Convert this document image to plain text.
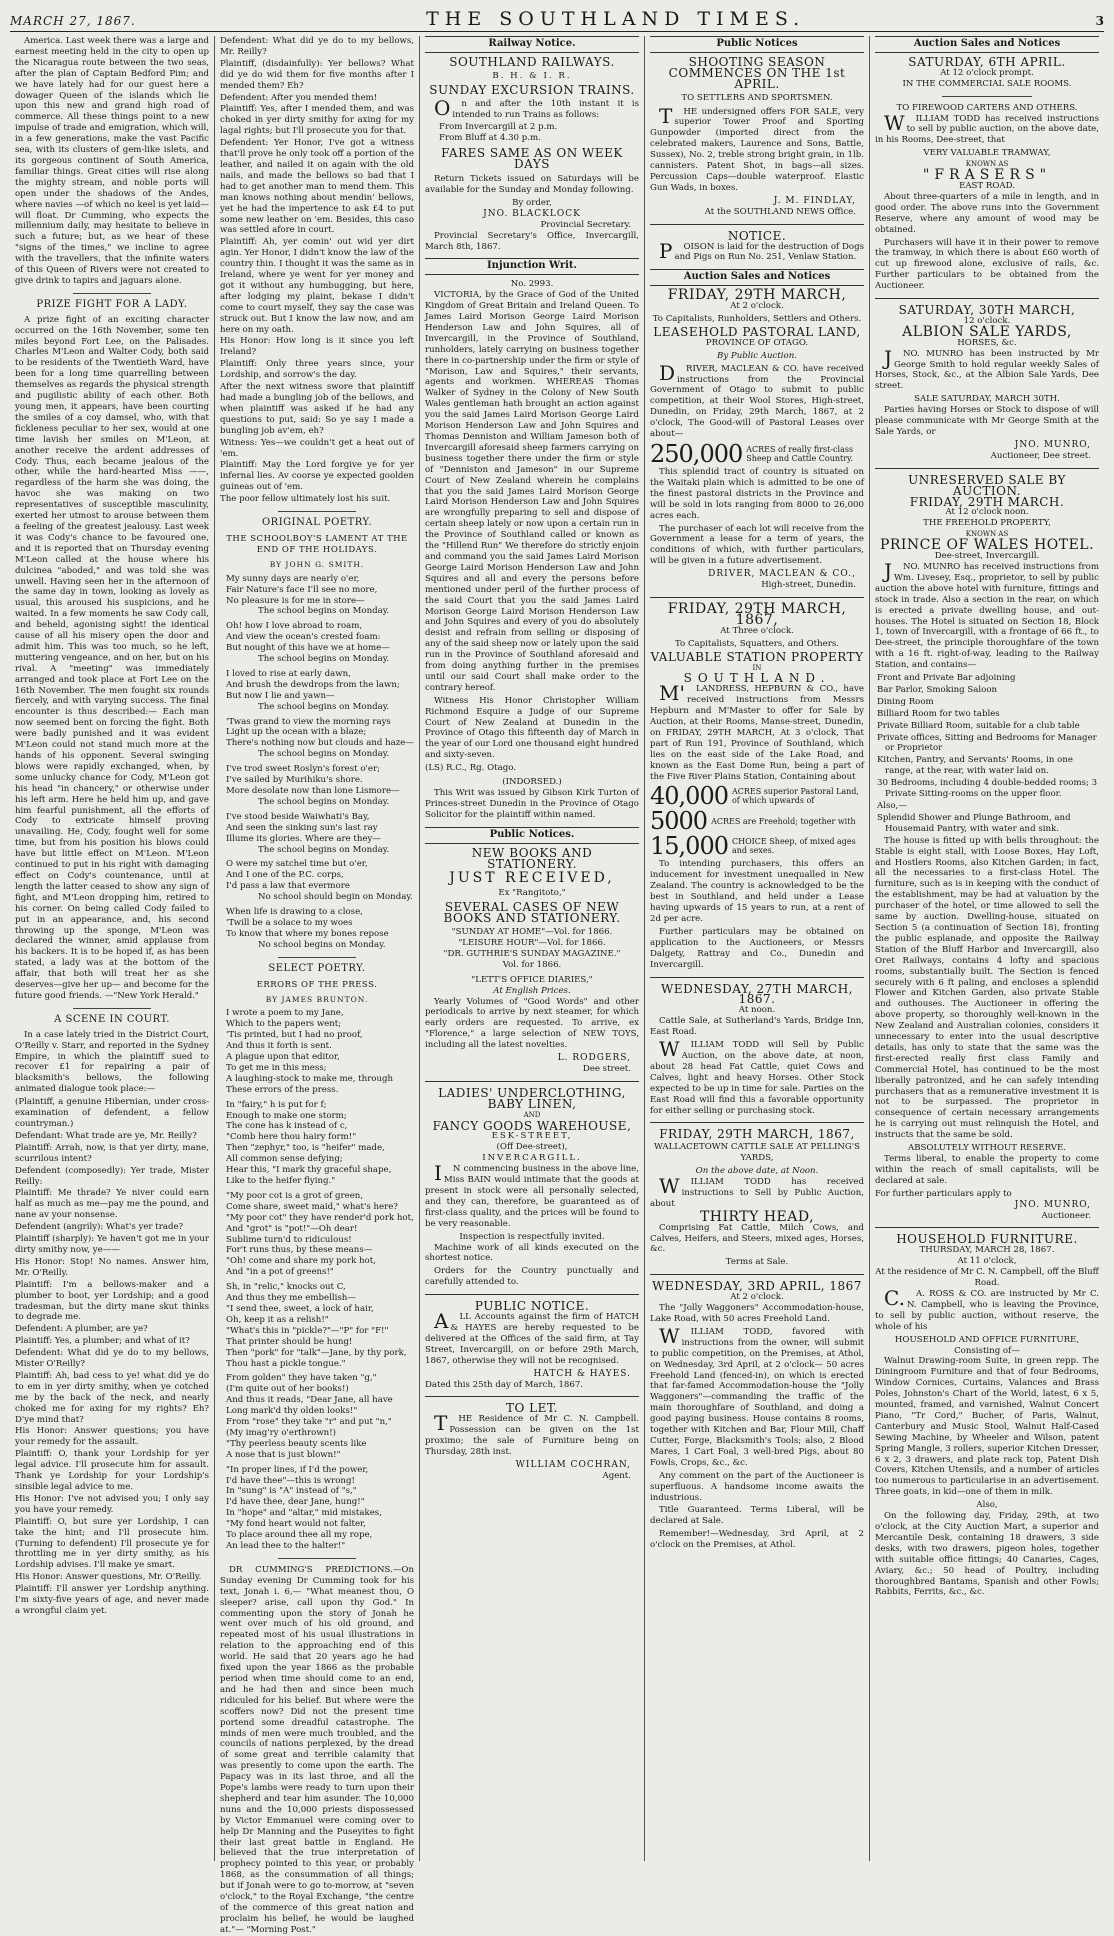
MARCH 27, 1867.	THE SOUTHLAND TIMES.	3

America. Last week there was a large and earnest meeting held in the city to open up the Nicaragua route between the two seas, after the plan of Captain Bedford Pim; and we have lately had for our guest here a dowager Queen of the islands which lie upon this new and grand high road of commerce. All these things point to a new impulse of trade and emigration, which will, in a few generations, make the vast Pacific sea, with its clusters of gem-like islets, and its gorgeous continent of South America, familiar things. Great cities will rise along the mighty stream, and noble ports will open under the shadows of the Andes, where navies —of which no keel is yet laid—will float. Dr Cumming, who expects the millennium daily, may hesitate to believe in such a future; but, as we hear of these "signs of the times," we incline to agree with the travellers, that the infinite waters of this Queen of Rivers were not created to give drink to tapirs and jaguars alone.

PRIZE FIGHT FOR A LADY.

A prize fight of an exciting character occurred on the 16th November, some ten miles beyond Fort Lee, on the Palisades. Charles M'Leon and Walter Cody, both said to be residents of the Twentieth Ward, have been for a long time quarrelling between themselves as regards the physical strength and pugilistic ability of each other. Both young men, it appears, have been courting the smiles of a coy damsel, who, with that fickleness peculiar to her sex, would at one time lavish her smiles on M'Leon, at another receive the ardent addresses of Cody. Thus, each became jealous of the other, while the hard-hearted Miss ——, regardless of the harm she was doing, the havoc she was making on two representatives of susceptible masculinity, exerted her utmost to arouse between them a feeling of the greatest jealousy. Last week it was Cody's chance to be favoured one, and it is reported that on Thursday evening M'Leon called at the house where his dulcinea "aboded," and was told she was unwell. Having seen her in the afternoon of the same day in town, looking as lovely as usual, this aroused his suspicions, and he waited. In a few moments he saw Cody call, and beheld, agonising sight! the identical cause of all his misery open the door and admit him. This was too much, so he left, muttering vengeance, and on her, but on his rival. A "meeting" was immediately arranged and took place at Fort Lee on the 16th November. The men fought six rounds fiercely, and with varying success. The final encounter is thus described:— Each man now seemed bent on forcing the fight. Both were badly punished and it was evident M'Leon could not stand much more at the hands of his opponent. Several swinging blows were rapidly exchanged, when, by some unlucky chance for Cody, M'Leon got his head "in chancery," or otherwise under his left arm. Here he held him up, and gave him fearful punishment, all the efforts of Cody to extricate himself proving unavailing. He, Cody, fought well for some time, but from his position his blows could have but little effect on M'Leon. M'Leon continued to put in his right with damaging effect on Cody's countenance, until at length the latter ceased to show any sign of fight, and M'Leon dropping him, retired to his corner. On being called Cody failed to put in an appearance, and, his second throwing up the sponge, M'Leon was declared the winner, amid applause from his backers. It is to be hoped if, as has been stated, a lady was at the bottom of the affair, that both will treat her as she deserves—give her up— and become for the future good friends. —"New York Herald."

A SCENE IN COURT.

In a case lately tried in the District Court, O'Reilly v. Starr, and reported in the Sydney Empire, in which the plaintiff sued to recover £1 for repairing a pair of blacksmith's bellows, the following animated dialogue took place:—

(Plaintiff, a genuine Hibernian, under cross-examination of defendent, a fellow countryman.)

Defendant: What trade are ye, Mr. Reilly?

Plaintiff: Arrah, now, is that yer dirty, mane, scurrilous intent?

Defendent (composedly): Yer trade, Mister Reilly:

Plaintiff: Me thrade? Ye niver could earn half as much as me—pay me the pound, and nane av your nonsense.

Defendent (angrily): What's yer trade?

Plaintiff (sharply): Ye haven't got me in your dirty smithy now, ye——

His Honor: Stop! No names. Answer him, Mr. O'Reilly.

Plaintiff: I'm a bellows-maker and a plumber to boot, yer Lordship; and a good tradesman, but the dirty mane skut thinks to degrade me.

Defendent: A plumber, are ye?

Plaintiff: Yes, a plumber; and what of it?

Defendent: What did ye do to my bellows, Mister O'Reilly?

Plaintiff: Ah, bad cess to ye! what did ye do to em in yer dirty smithy, when ye cotched me by the back of the neck, and nearly choked me for axing for my rights? Eh? D'ye mind that?

His Honor: Answer questions; you have your remedy for the assault.

Plaintiff: O, thank your Lordship for yer legal advice. I'll prosecute him for assault. Thank ye Lordship for your Lordship's sinsible legal advice to me.

His Honor: I've not advised you; I only say you have your remedy.

Plaintiff: O, but sure yer Lordship, I can take the hint; and I'll prosecute him. (Turning to defendent) I'll prosecute ye for throttling me in yer dirty smithy, as his Lordship advises. I'll make ye smart.

His Honor: Answer questions, Mr. O'Reilly.

Plaintiff: I'll answer yer Lordship anything. I'm sixty-five years of age, and never made a wrongful claim yet.

Defendent: What did ye do to my bellows, Mr. Reilly?

Plaintiff, (disdainfully): Yer bellows? What did ye do wid them for five months after I mended them? Eh?

Defendent: After you mended them!

Plaintiff: Yes, after I mended them, and was choked in yer dirty smithy for axing for my lagal rights; but I'll prosecute you for that.

Defendent: Yer Honor, I've got a witness that'll prove he only took off a portion of the leather, and nailed it on again with the old nails, and made the bellows so bad that I had to get another man to mend them. This man knows nothing about mendin' bellows, yet he had the impertence to ask £4 to put some new leather on 'em. Besides, this caso was settled afore in court.

Plaintiff: Ah, yer comin' out wid yer dirt agin. Yer Honor, I didn't know the law of the country thin. I thought it was the same as in Ireland, where ye went for yer money and got it without any humbugging, but here, after lodging my plaint, bekase I didn't come to court myself, they say the case was struck out. But I know the law now, and am here on my oath.

His Honor: How long is it since you left Ireland?

Plaintiff: Only three years since, your Lordship, and sorrow's the day.

After the next witness swore that plaintiff had made a bungling job of the bellows, and when plaintiff was asked if he had any questions to put, said: So ye say I made a bungling job av'em, eh?

Witness: Yes—we couldn't get a heat out of 'em.

Plaintiff: May the Lord forgive ye for yer infernal lies. Av coorse ye expected goolden guineas out of 'em.

The poor fellow ultimately lost his suit.

ORIGINAL POETRY.
THE SCHOOLBOY'S LAMENT AT THE END OF THE HOLIDAYS.
BY JOHN G. SMITH.
My sunny days are nearly o'er,
Fair Nature's face I'll see no more,
No pleasure is for me in store—
The school begins on Monday.
Oh! how I love abroad to roam,
And view the ocean's crested foam:
But nought of this have we at home—
The school begins on Monday.
I loved to rise at early dawn,
And brush the dewdrops from the lawn;
But now I lie and yawn—
The school begins on Monday.
'Twas grand to view the morning rays
Light up the ocean with a blaze;
There's nothing now but clouds and haze—
The school begins on Monday.
I've trod sweet Roslyn's forest o'er;
I've sailed by Murihiku's shore.
More desolate now than lone Lismore—
The school begins on Monday.
I've stood beside Waiwhati's Bay,
And seen the sinking sun's last ray
Illume its glories. Where are they—
The school begins on Monday.
O were my satchel time but o'er,
And I one of the P.C. corps,
I'd pass a law that evermore
No school should begin on Monday.
When life is drawing to a close,
'Twill be a solace to my woes
To know that where my bones repose
No school begins on Monday.
SELECT POETRY.
ERRORS OF THE PRESS.
BY JAMES BRUNTON.
I wrote a poem to my Jane,
Which to the papers went;
'Tis printed, but I had no proof,
And thus it forth is sent.
A plague upon that editor,
To get me in this mess;
A laughing-stock to make me, through
These errors of the press.
In "fairy," h is put for f;
Enough to make one storm;
The cone has k instead of c,
"Comb here thou hairy form!"
Then "zephyr," too, is "heifer" made,
All common sense defying;
Hear this, "I mark thy graceful shape,
Like to the heifer flying."
"My poor cot is a grot of green,
Come share, sweet maid," what's here?
"My poor cot" they have render'd pork hot,
And "grot" is "pot!"—Oh dear!
Sublime turn'd to ridiculous!
For't runs thus, by these means—
"Oh! come and share my pork hot,
And "in a pot of greens!"
Sh, in "relic," knocks out C,
And thus they me embellish—
"I send thee, sweet, a lock of hair,
Oh, keep it as a relish!"
"What's this in "pickle?"—"P" for "F!"
That printer should be hung!
Then "pork" for "talk"—Jane, by thy pork,
Thou hast a pickle tongue."
From golden" they have taken "g,"
(I'm quite out of her books!)
And thus it reads, "Dear Jane, all have
Long mark'd thy olden looks!"
From "rose" they take "r" and put "n,"
(My imag'ry o'erthrown!)
"Thy peerless beauty scents like
A nose that is just blown!"
"In proper lines, if I'd the power,
I'd have thee"—this is wrong!
In "sung" is "A" instead of "s,"
I'd have thee, dear Jane, hung!"
In "hope" and "altar," mid mistakes,
"My fond heart would not falter,
To place around thee all my rope,
An lead thee to the halter!"

DR CUMMING'S PREDICTIONS.—On Sunday evening Dr Cumming took for his text, Jonah i. 6,— "What meanest thou, O sleeper? arise, call upon thy God." In commenting upon the story of Jonah he went over much of his old ground, and repeated most of his usual illustrations in relation to the approaching end of this world. He said that 20 years ago he had fixed upon the year 1866 as the probable period when time should come to an end, and he had then and since been much ridiculed for his belief. But where were the scoffers now? Did not the present time portend some dreadful catastrophe. The minds of men were much troubled, and the councils of nations perplexed, by the dread of some great and terrible calamity that was presently to come upon the earth. The Papacy was in its last throe, and all the Pope's lambs were ready to turn upon their shepherd and tear him asunder. The 10,000 nuns and the 10,000 priests dispossessed by Victor Emmanuel were coming over to help Dr Manning and the Puseyites to fight their last great battle in England. He believed that the true interpretation of prophecy pointed to this year, or probably 1868, as the consummation of all things; but if Jonah were to go to-morrow, at "seven o'clock," to the Royal Exchange, "the centre of the commerce of this great nation and proclaim his belief, he would be laughed at."— "Morning Post."

Railway Notice.
SOUTHLAND RAILWAYS.
B. H. & I. R.
SUNDAY EXCURSION TRAINS.

On and after the 10th instant it is intended to run Trains as follows:

From Invercargill at 2 p.m.
From Bluff at 4.30 p.m.
FARES SAME AS ON WEEK DAYS

Return Tickets issued on Saturdays will be available for the Sunday and Monday following.

By order,
JNO. BLACKLOCK
Provincial Secretary.

Provincial Secretary's Office, Invercargill, March 8th, 1867.

Injunction Writ.
No. 2993.

VICTORIA, by the Grace of God of the United Kingdom of Great Britain and Ireland Queen. To James Laird Morison George Laird Morison Henderson Law and John Squires, all of Invercargill, in the Province of Southland, runholders, lately carrying on business together there in co-partnership under the firm or style of "Morison, Law and Squires," their servants, agents and workmen. WHEREAS Thomas Walker of Sydney in the Colony of New South Wales gentleman hath brought an action against you the said James Laird Morison George Laird Morison Henderson Law and John Squires and Thomas Denniston and William Jameson both of Invercargill aforesaid sheep farmers carrying on business together there under the firm or style of "Denniston and Jameson" in our Supreme Court of New Zealand wherein he complains that you the said James Laird Morison George Laird Morison Henderson Law and John Squires are wrongfully preparing to sell and dispose of certain sheep lately or now upon a certain run in the Province of Southland called or known as the "Hillend Run" We therefore do strictly enjoin and command you the said James Laird Morison George Laird Morison Henderson Law and John Squires and all and every the persons before mentioned under peril of the further process of the said Court that you the said James Laird Morison George Laird Morison Henderson Law and John Squires and every of you do absolutely desist and refrain from selling or disposing of any of the said sheep now or lately upon the said run in the Province of Southland aforesaid and from doing anything further in the premises until our said Court shall make order to the contrary hereof.

Witness His Honor Christopher William Richmond Esquire a Judge of our Supreme Court of New Zealand at Dunedin in the Province of Otago this fifteenth day of March in the year of our Lord one thousand eight hundred and sixty-seven.

(LS) R.C., Rg. Otago.
(INDORSED.)

This Writ was issued by Gibson Kirk Turton of Princes-street Dunedin in the Province of Otago Solicitor for the plaintiff within named.

Public Notices.
NEW BOOKS AND STATIONERY.
JUST RECEIVED,
Ex "Rangitoto,"
SEVERAL CASES OF NEW BOOKS AND STATIONERY.
"SUNDAY AT HOME"—Vol. for 1866.
"LEISURE HOUR"—Vol. for 1866.
"DR. GUTHRIE'S SUNDAY MAGAZINE."
Vol. for 1866.
"LETT'S OFFICE DIARIES,"
At English Prices.

Yearly Volumes of "Good Words" and other periodicals to arrive by next steamer, for which early orders are requested. To arrive, ex "Florence," a large selection of NEW TOYS, including all the latest novelties.

L. RODGERS,
Dee street.
LADIES' UNDERCLOTHING, BABY LINEN,
AND
FANCY GOODS WAREHOUSE,
ESK-STREET,
(Off Dee-street),
INVERCARGILL.

IN commencing business in the above line, Miss BAIN would intimate that the goods at present in stock were all personally selected, and they can, therefore, be guaranteed as of first-class quality, and the prices will be found to be very reasonable.

Inspection is respectfully invited.

Machine work of all kinds executed on the shortest notice.

Orders for the Country punctually and carefully attended to.

PUBLIC NOTICE.

ALL Accounts against the firm of HATCH & HAYES are hereby requested to be delivered at the Offices of the said firm, at Tay Street, Invercargill, on or before 29th March, 1867, otherwise they will not be recognised.

HATCH & HAYES.
Dated this 25th day of March, 1867.
TO LET.

THE Residence of Mr C. N. Campbell. Possession can be given on the 1st proximo; the sale of Furniture being on Thursday, 28th inst.

WILLIAM COCHRAN,
Agent.
Public Notices
SHOOTING SEASON COMMENCES ON THE 1st APRIL.
TO SETTLERS AND SPORTSMEN.

THE undersigned offers FOR SALE, very superior Tower Proof and Sporting Gunpowder (imported direct from the celebrated makers, Laurence and Sons, Battle, Sussex), No. 2, treble strong bright grain, in 1lb. cannisters. Patent Shot, in bags—all sizes. Percussion Caps—double waterproof. Elastic Gun Wads, in boxes.

J. M. FINDLAY,
At the SOUTHLAND NEWS Office.
NOTICE.

POISON is laid for the destruction of Dogs and Pigs on Run No. 251, Venlaw Station.

Auction Sales and Notices
FRIDAY, 29TH MARCH,
At 2 o'clock.
To Capitalists, Runholders, Settlers and Others.
LEASEHOLD PASTORAL LAND,
PROVINCE OF OTAGO.
By Public Auction.

DRIVER, MACLEAN & CO. have received instructions from the Provincial Government of Otago to submit to public competition, at their Wool Stores, High-street, Dunedin, on Friday, 29th March, 1867, at 2 o'clock, The Good-will of Pastoral Leases over about—

250,000 ACRES of really first-class Sheep and Cattle Country.

This splendid tract of country is situated on the Waitaki plain which is admitted to be one of the finest pastoral districts in the Province and will be sold in lots ranging from 8000 to 26,000 acres each.

The purchaser of each lot will receive from the Government a lease for a term of years, the conditions of which, with further particulars, will be given in a future advertisement.

DRIVER, MACLEAN & CO.,
High-street, Dunedin.
FRIDAY, 29TH MARCH, 1867,
At Three o'clock.
To Capitalists, Squatters, and Others.
VALUABLE STATION PROPERTY
IN
SOUTHLAND.

M'LANDRESS, HEPBURN & CO., have received instructions from Messrs Hepburn and M'Master to offer for Sale by Auction, at their Rooms, Manse-street, Dunedin, on FRIDAY, 29TH MARCH, At 3 o'clock, That part of Run 191, Province of Southland, which lies on the east side of the Lake Road, and known as the East Dome Run, being a part of the Five River Plains Station, Containing about

40,000 ACRES superior Pastoral Land, of which upwards of
5000 ACRES are Freehold; together with
15,000 CHOICE Sheep, of mixed ages and sexes.

To intending purchasers, this offers an inducement for investment unequalled in New Zealand. The country is acknowledged to be the best in Southland, and held under a Lease having upwards of 15 years to run, at a rent of 2d per acre.

Further particulars may be obtained on application to the Auctioneers, or Messrs Dalgety, Rattray and Co., Dunedin and Invercargill.

WEDNESDAY, 27TH MARCH, 1867.
At noon.

Cattle Sale, at Sutherland's Yards, Bridge Inn, East Road.

WILLIAM TODD will Sell by Public Auction, on the above date, at noon, about 28 head Fat Cattle, quiet Cows and Calves, light and heavy Horses. Other Stock expected to be up in time for sale. Parties on the East Road will find this a favorable opportunity for either selling or purchasing stock.

FRIDAY, 29TH MARCH, 1867,
WALLACETOWN CATTLE SALE AT PELLING'S YARDS,
On the above date, at Noon.

WILLIAM TODD has received instructions to Sell by Public Auction, about

THIRTY HEAD,

Comprising Fat Cattle, Milch Cows, and Calves, Heifers, and Steers, mixed ages, Horses, &c.

Terms at Sale.
WEDNESDAY, 3RD APRIL, 1867
At 2 o'clock.

The "Jolly Waggoners" Accommodation-house, Lake Road, with 50 acres Freehold Land.

WILLIAM TODD, favored with instructions from the owner, will submit to public competition, on the Premises, at Athol, on Wednesday, 3rd April, at 2 o'clock— 50 acres Freehold Land (fenced-in), on which is erected that far-famed Accommodation-house the "Jolly Waggoners"—commanding the traffic of the main thoroughfare of Southland, and doing a good paying business. House contains 8 rooms, together with Kitchen and Bar, Flour Mill, Chaff Cutter, Forge, Blacksmith's Tools; also, 2 Blood Mares, 1 Cart Foal, 3 well-bred Pigs, about 80 Fowls, Crops, &c., &c.

Any comment on the part of the Auctioneer is superfluous. A handsome income awaits the industrious.

Title Guaranteed. Terms Liberal, will be declared at Sale.

Remember!—Wednesday, 3rd April, at 2 o'clock on the Premises, at Athol.

Auction Sales and Notices
SATURDAY, 6TH APRIL.
At 12 o'clock prompt.
IN THE COMMERCIAL SALE ROOMS.
TO FIREWOOD CARTERS AND OTHERS.

WILLIAM TODD has received instructions to sell by public auction, on the above date, in his Rooms, Dee-street, that

VERY VALUABLE TRAMWAY,
KNOWN AS
"FRASERS"
EAST ROAD.

About three-quarters of a mile in length, and in good order. The above runs into the Government Reserve, where any amount of wood may be obtained.

Purchasers will have it in their power to remove the tramway, in which there is about £60 worth of cut up firewood alone, exclusive of rails, &c. Further particulars to be obtained from the Auctioneer.

SATURDAY, 30TH MARCH,
12 o'clock.
ALBION SALE YARDS,
HORSES, &c.

JNO. MUNRO has been instructed by Mr George Smith to hold regular weekly Sales of Horses, Stock, &c., at the Albion Sale Yards, Dee street.

SALE SATURDAY, MARCH 30TH.

Parties having Horses or Stock to dispose of will please communicate with Mr George Smith at the Sale Yards, or

JNO. MUNRO,
Auctioneer, Dee street.
UNRESERVED SALE BY AUCTION.
FRIDAY, 29TH MARCH.
At 12 o'clock noon.
THE FREEHOLD PROPERTY,
KNOWN AS
PRINCE OF WALES HOTEL.
Dee-street, Invercargill.

JNO. MUNRO has received instructions from Wm. Livesey, Esq., proprietor, to sell by public auction the above hotel with furniture, fittings and stock in trade. Also a section in the rear, on which is erected a private dwelling house, and out-houses. The Hotel is situated on Section 18, Block 1, town of Invercargill, with a frontage of 66 ft., to Dee-street, the principle thoroughfare of the town with a 16 ft. right-of-way, leading to the Railway Station, and contains—

Front and Private Bar adjoining
Bar Parlor, Smoking Saloon
Dining Room
Billiard Room for two tables
Private Billiard Room, suitable for a club table
Private offices, Sitting and Bedrooms for Manager or Proprietor
Kitchen, Pantry, and Servants' Rooms, in one range, at the rear, with water laid on.
30 Bedrooms, including 4 double-bedded rooms; 3 Private Sitting-rooms on the upper floor.
Also,—
Splendid Shower and Plunge Bathroom, and Housemaid Pantry, with water and sink.

The house is fitted up with bells throughout: the Stable is eight stall, with Loose Boxes, Hay Loft, and Hostlers Rooms, also Kitchen Garden; in fact, all the necessaries to a first-class Hotel. The furniture, such as is in keeping with the conduct of the establishment, may be had at valuation by the purchaser of the hotel, or time allowed to sell the same by auction. Dwelling-house, situated on Section 5 (a continuation of Section 18), fronting the public esplanade, and opposite the Railway Station of the Bluff Harbor and Invercargill, also Oret Railways, contains 4 lofty and spacious rooms, substantially built. The Section is fenced securely with 6 ft paling, and encloses a splendid Flower and Kitchen Garden, also private Stable and outhouses. The Auctioneer in offering the above property, so thoroughly well-known in the New Zealand and Australian colonies, considers it unnecessary to enter into the usual descriptive details, has only to state that the same was the first-erected really first class Family and Commercial Hotel, has continued to be the most liberally patronized, and he can safely intending purchasers that as a remunerative investment it is not to be surpassed. The proprietor in consequence of certain necessary arrangements he is carrying out must relinquish the Hotel, and instructs that the same be sold.

ABSOLUTELY WITHOUT RESERVE.

Terms liberal, to enable the property to come within the reach of small capitalists, will be declared at sale.

For further particulars apply to
JNO. MUNRO,
Auctioneer.
HOUSEHOLD FURNITURE.
THURSDAY, MARCH 28, 1867.
At 11 o'clock,
At the residence of Mr C. N. Campbell, off the Bluff Road.

C.A. ROSS & CO. are instructed by Mr C. N. Campbell, who is leaving the Province, to sell by public auction, without reserve, the whole of his

HOUSEHOLD AND OFFICE FURNITURE,
Consisting of—

Walnut Drawing-room Suite, in green repp. The Diningroom Furniture and that of four Bedrooms, Window Cornices, Curtains, Valances and Brass Poles, Johnston's Chart of the World, latest, 6 x 5, mounted, framed, and varnished, Walnut Concert Piano, "Tr Cord," Bucher, of Paris, Walnut, Canterbury and Music Stool, Walnut Half-Cased Sewing Machine, by Wheeler and Wilson, patent Spring Mangle, 3 rollers, superior Kitchen Dresser, 6 x 2, 3 drawers, and plate rack top, Patent Dish Covers, Kitchen Utensils, and a number of articles too numerous to particularise in an advertisement. Three goats, in kid—one of them in milk.

Also,

On the following day, Friday, 29th, at two o'clock, at the City Auction Mart, a superior and Mercantile Desk, containing 18 drawers, 3 side desks, with two drawers, pigeon holes, together with suitable office fittings; 40 Canaries, Cages, Aviary, &c.; 50 head of Poultry, including thoroughbred Bantams, Spanish and other Fowls; Rabbits, Ferrits, &c., &c.
